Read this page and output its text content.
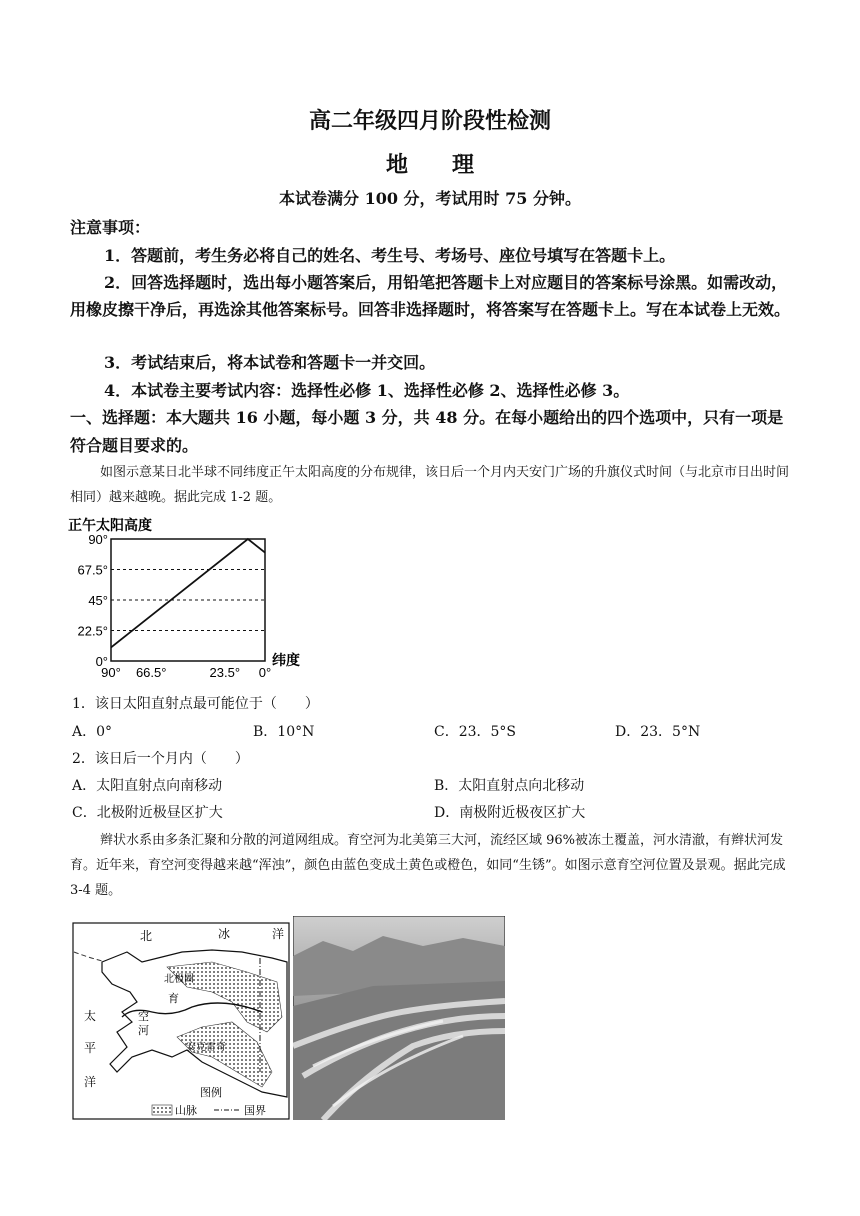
高二年级四月阶段性检测
地　　理
本试卷满分 100 分，考试用时 75 分钟。
注意事项：
1．答题前，考生务必将自己的姓名、考生号、考场号、座位号填写在答题卡上。
2．回答选择题时，选出每小题答案后，用铅笔把答题卡上对应题目的答案标号涂黑。如需改动，用橡皮擦干净后，再选涂其他答案标号。回答非选择题时，将答案写在答题卡上。写在本试卷上无效。
3．考试结束后，将本试卷和答题卡一并交回。
4．本试卷主要考试内容：选择性必修 1、选择性必修 2、选择性必修 3。
一、选择题：本大题共 16 小题，每小题 3 分，共 48 分。在每小题给出的四个选项中，只有一项是符合题目要求的。
如图示意某日北半球不同纬度正午太阳高度的分布规律，该日后一个月内天安门广场的升旗仪式时间（与北京市日出时间相同）越来越晚。据此完成 1-2 题。
正午太阳高度
90°
67.5°
45°
22.5°
0°
90° 66.5°	23.5° 0°
纬度
1．该日太阳直射点最可能位于（　　）
A．0°	B．10°N	C．23．5°S	D．23．5°N
2．该日后一个月内（　　）
A．太阳直射点向南移动	B．太阳直射点向北移动
C．北极附近极昼区扩大	D．南极附近极夜区扩大
辫状水系由多条汇聚和分散的河道网组成。育空河为北美第三大河，流经区域 96%被冻土覆盖，河水清澈，有辫状河发育。近年来，育空河变得越来越“浑浊”，颜色由蓝色变成土黄色或橙色，如同“生锈”。如图示意育空河位置及景观。据此完成 3-4 题。
北	冰	洋
北极圈
育
空
河
安克雷奇
太
平
洋
图例
山脉	国界
